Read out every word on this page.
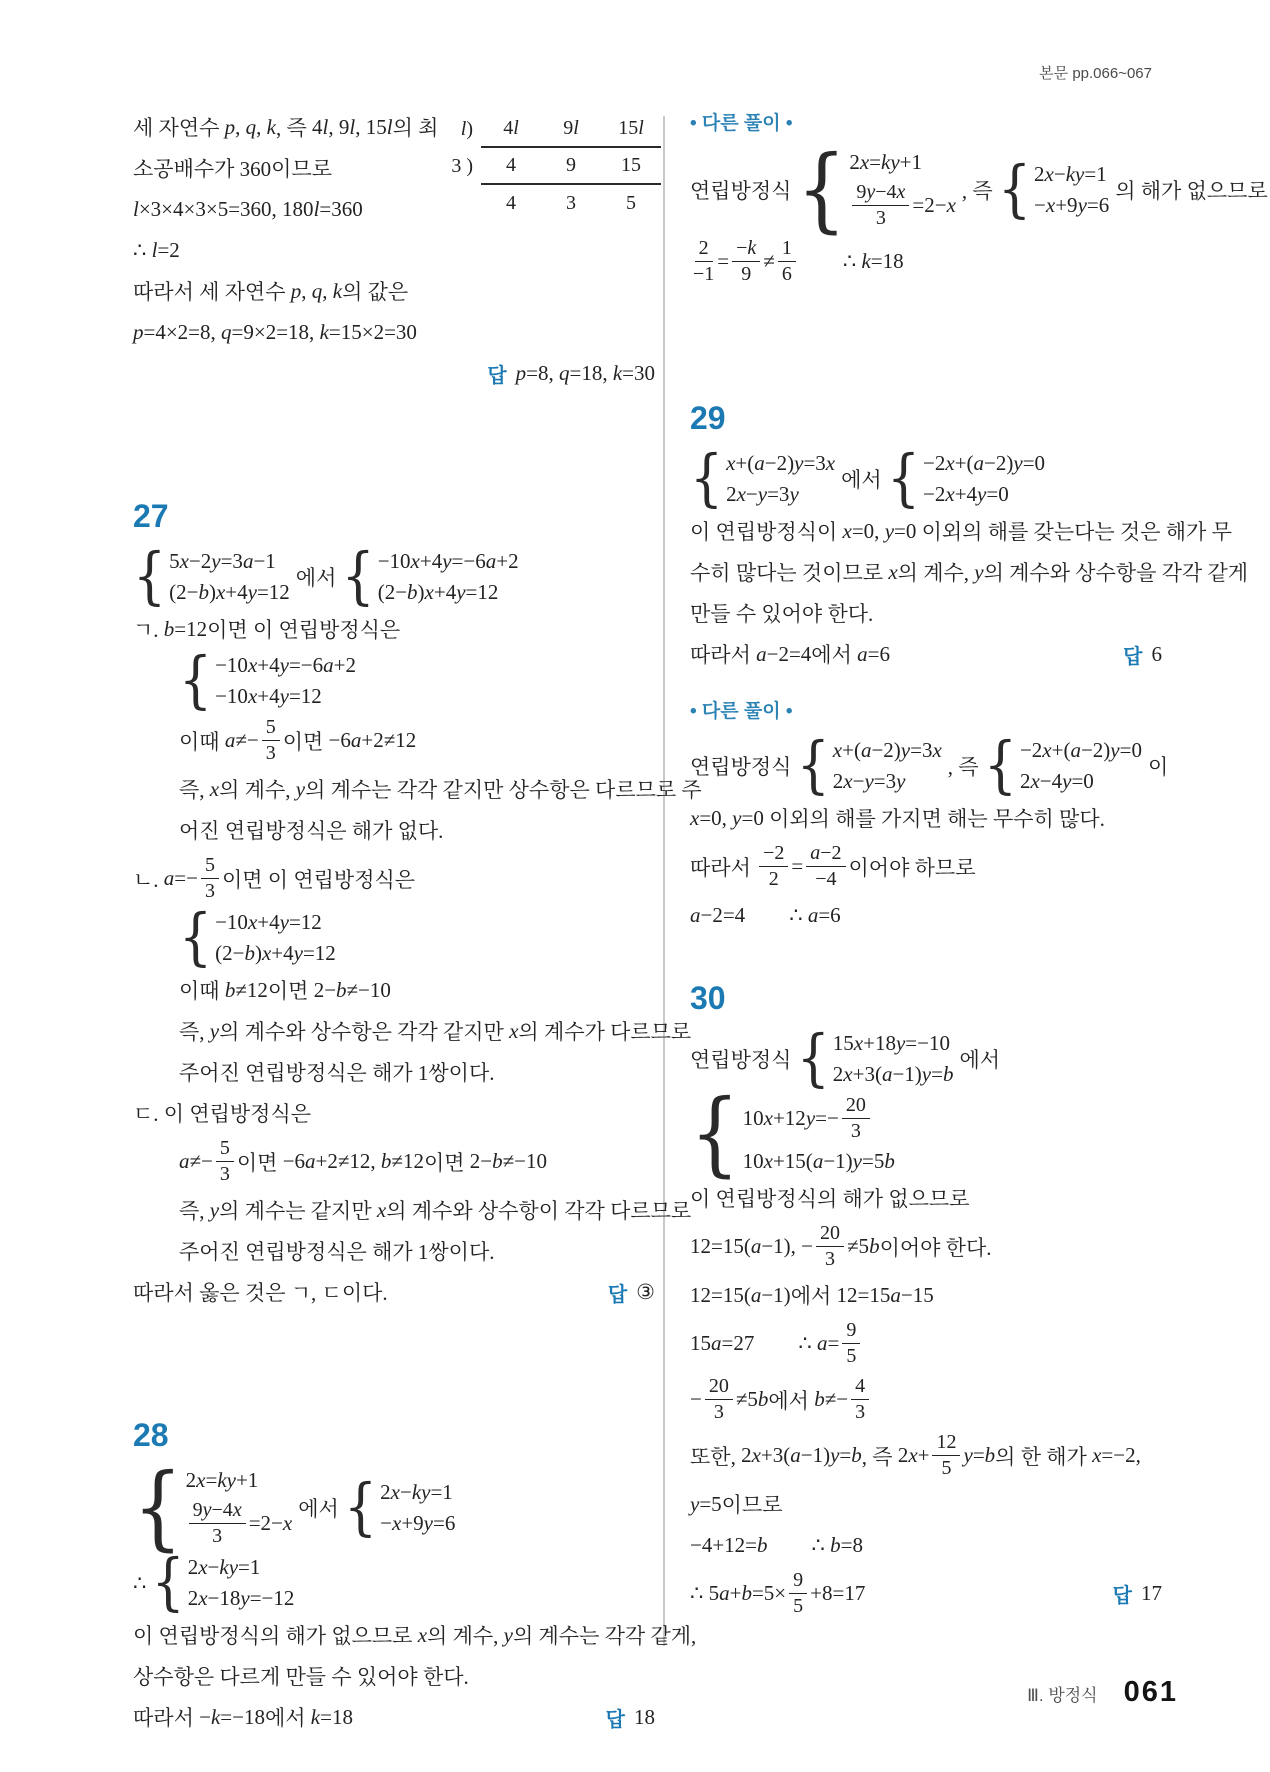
본문 pp.066~067
l )	4 l	9 l	15 l
3 )	4	9	15
4	3	5
세 자연수 p, q, k , 즉 4l, 9l, 15l 의 최
소공배수가 360이므로
l×3×4×3×5=360, 180l=360
∴ l=2
따라서 세 자연수 p, q, k 의 값은
p=4×2=8, q=9×2=18, k=15×2=30
답 p=8, q=18, k=30
27
{ 5x−2y=3a−1
(2−b)x+4y=12
에서 { −10x+4y=−6a+2
(2−b)x+4y=12
ㄱ. b=12 이면 이 연립방정식은
{ −10x+4y=−6a+2
−10x+4y=12
이때 $a\ne- \frac{5}{3}$ 이면 −6a+2≠12
즉, x 의 계수, y 의 계수는 각각 같지만 상수항은 다르므로 주
어진 연립방정식은 해가 없다.
ㄴ. $a=- \frac{5}{3}$ 이면 이 연립방정식은
{ −10x+4y=12
(2−b)x+4y=12
이때 b≠12 이면 2−b≠−10
즉, y 의 계수와 상수항은 각각 같지만 x 의 계수가 다르므로
주어진 연립방정식은 해가 1쌍이다.
ㄷ. 이 연립방정식은
$a\ne- \frac{5}{3}$ 이면 −6a+2≠12, b≠12 이면 2−b≠−10
즉, y 의 계수는 같지만 x 의 계수와 상수항이 각각 다르므로
주어진 연립방정식은 해가 1쌍이다.
따라서 옳은 것은 ㄱ, ㄷ이다.	답 ③
28
{ 2x=ky+1
$\frac{9y-4x}{3} =2-x$
에서 { 2x−ky=1
−x+9y=6
∴ { 2x−ky=1
2x−18y=−12
이 연립방정식의 해가 없으므로 x 의 계수, y 의 계수는 각각 같게,
상수항은 다르게 만들 수 있어야 한다.
따라서 −k=−18 에서 k=18	답 18
• 다른 풀이 •
연립방정식 { 2x=ky+1
$\frac{9y-4x}{3} =2-x$
, 즉 { 2x−ky=1
−x+9y=6
의 해가 없으므로
$\frac{2}{-1} = \frac{-k}{9} \ne \frac{1}{6}$ ∴ k=18
29
{ x+(a−2)y=3x
2x−y=3y
에서 { −2x+(a−2)y=0
−2x+4y=0
이 연립방정식이 x=0, y=0 이외의 해를 갖는다는 것은 해가 무
수히 많다는 것이므로 x 의 계수, y 의 계수와 상수항을 각각 같게
만들 수 있어야 한다.
따라서 a−2=4 에서 a=6	답 6
• 다른 풀이 •
연립방정식 { x+(a−2)y=3x
2x−y=3y
, 즉 { −2x+(a−2)y=0
2x−4y=0
이
x=0, y=0 이외의 해를 가지면 해는 무수히 많다.
따라서 $\frac{-2}{2} = \frac{a-2}{-4}$ 이어야 하므로
a−2=4 ∴ a=6
30
연립방정식 { 15x+18y=−10
2x+3(a−1)y=b
에서
{ $10x+12y=- \frac{20}{3}$
10x+15(a−1)y=5b
이 연립방정식의 해가 없으므로
12=15(a−1), − $\frac{20}{3} \ne 5b$ 이어야 한다.
12=15(a−1) 에서 12=15a−15
15a=27 ∴ $a= \frac{9}{5}$
− $\frac{20}{3} \ne 5b$ 에서 $b\ne- \frac{4}{3}$
또한, 2x+3(a−1)y=b , 즉 $2x+ \frac{12}{5} y=b$ 의 한 해가 x=−2,
y=5 이므로
−4+12=b ∴ b=8
∴ $5a+b=5\times \frac{9}{5} +8=17$	답 17
Ⅲ. 방정식 061
